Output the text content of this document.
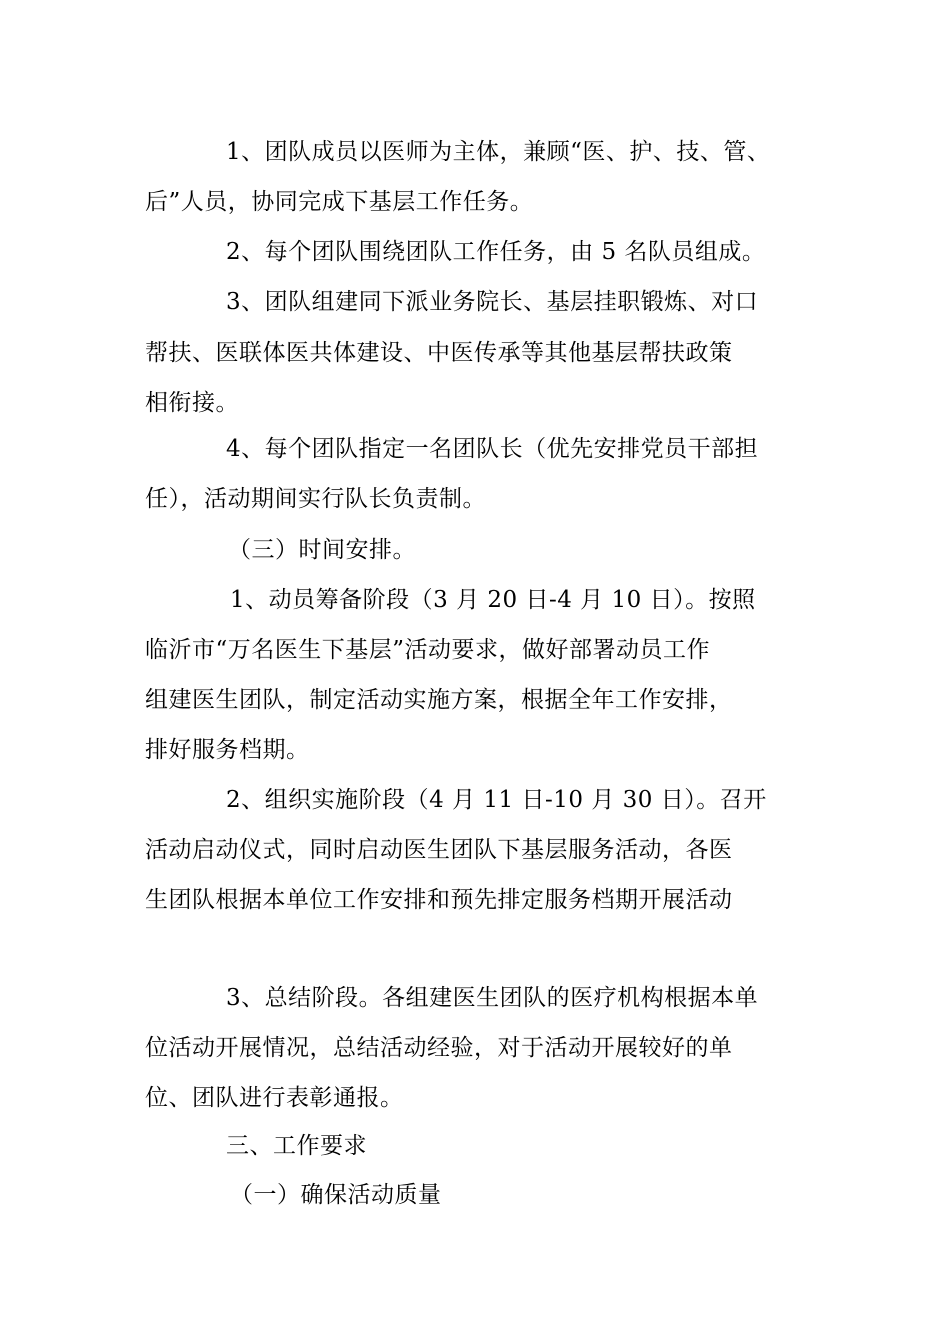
1、团队成员以医师为主体，兼顾“医、护、技、管、
后”人员，协同完成下基层工作任务。
2、每个团队围绕团队工作任务，由 5 名队员组成。
3、团队组建同下派业务院长、基层挂职锻炼、对口
帮扶、医联体医共体建设、中医传承等其他基层帮扶政策
相衔接。
4、每个团队指定一名团队长（优先安排党员干部担
任），活动期间实行队长负责制。
（三）时间安排。
1、动员筹备阶段（3 月 20 日-4 月 10 日）。按照
临沂市“万名医生下基层”活动要求，做好部署动员工作
组建医生团队，制定活动实施方案，根据全年工作安排，
排好服务档期。
2、组织实施阶段（4 月 11 日-10 月 30 日）。召开
活动启动仪式，同时启动医生团队下基层服务活动，各医
生团队根据本单位工作安排和预先排定服务档期开展活动
3、总结阶段。各组建医生团队的医疗机构根据本单
位活动开展情况，总结活动经验，对于活动开展较好的单
位、团队进行表彰通报。
三、工作要求
（一）确保活动质量
